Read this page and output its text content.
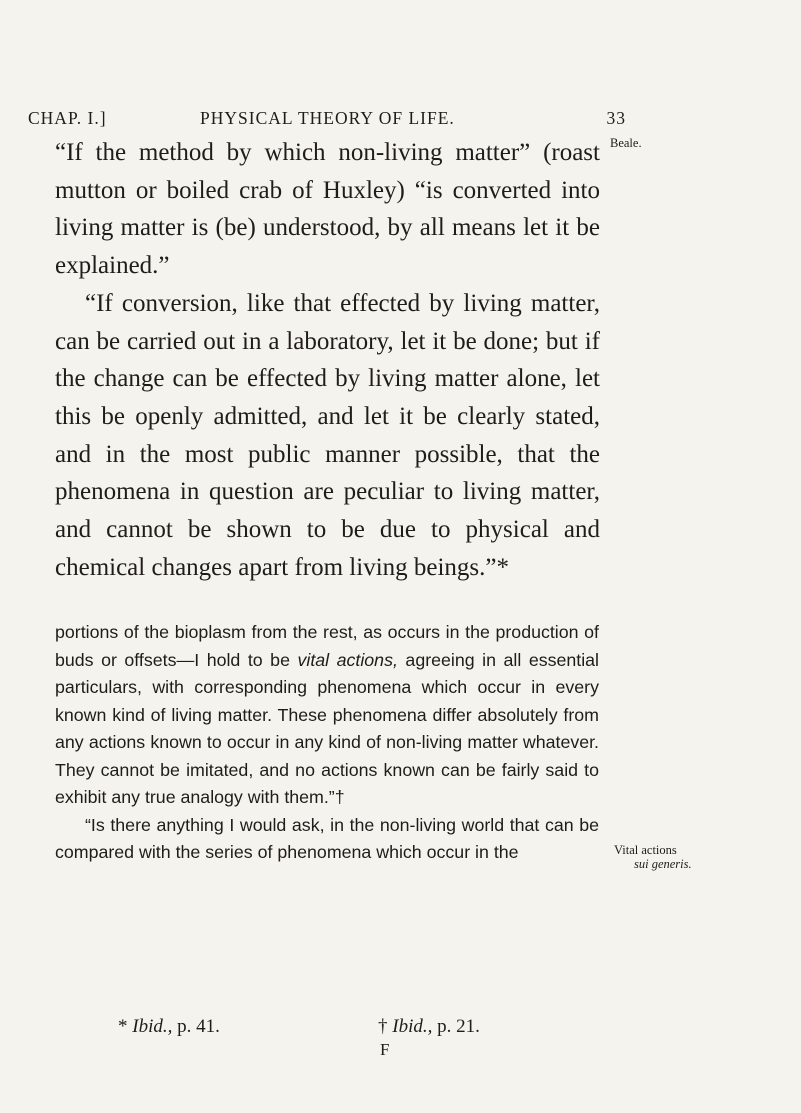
CHAP. I.]	PHYSICAL THEORY OF LIFE.	33
Beale.

“If the method by which non-living matter” (roast mutton or boiled crab of Huxley) “is converted into living matter is (be) understood, by all means let it be explained.”

“If conversion, like that effected by living matter, can be carried out in a laboratory, let it be done; but if the change can be effected by living matter alone, let this be openly admitted, and let it be clearly stated, and in the most public manner possible, that the phenomena in question are peculiar to living matter, and cannot be shown to be due to physical and chemical changes apart from living beings.”*

portions of the bioplasm from the rest, as occurs in the production of buds or offsets—I hold to be vital actions, agreeing in all essential particulars, with corresponding phenomena which occur in every known kind of living matter. These phenomena differ absolutely from any actions known to occur in any kind of non-living matter whatever. They cannot be imitated, and no actions known can be fairly said to exhibit any true analogy with them.”†

“Is there anything I would ask, in the non-living world that can be compared with the series of phenomena which occur in the	Vital actions
sui generis.
* Ibid., p. 41.	† Ibid., p. 21.
F
